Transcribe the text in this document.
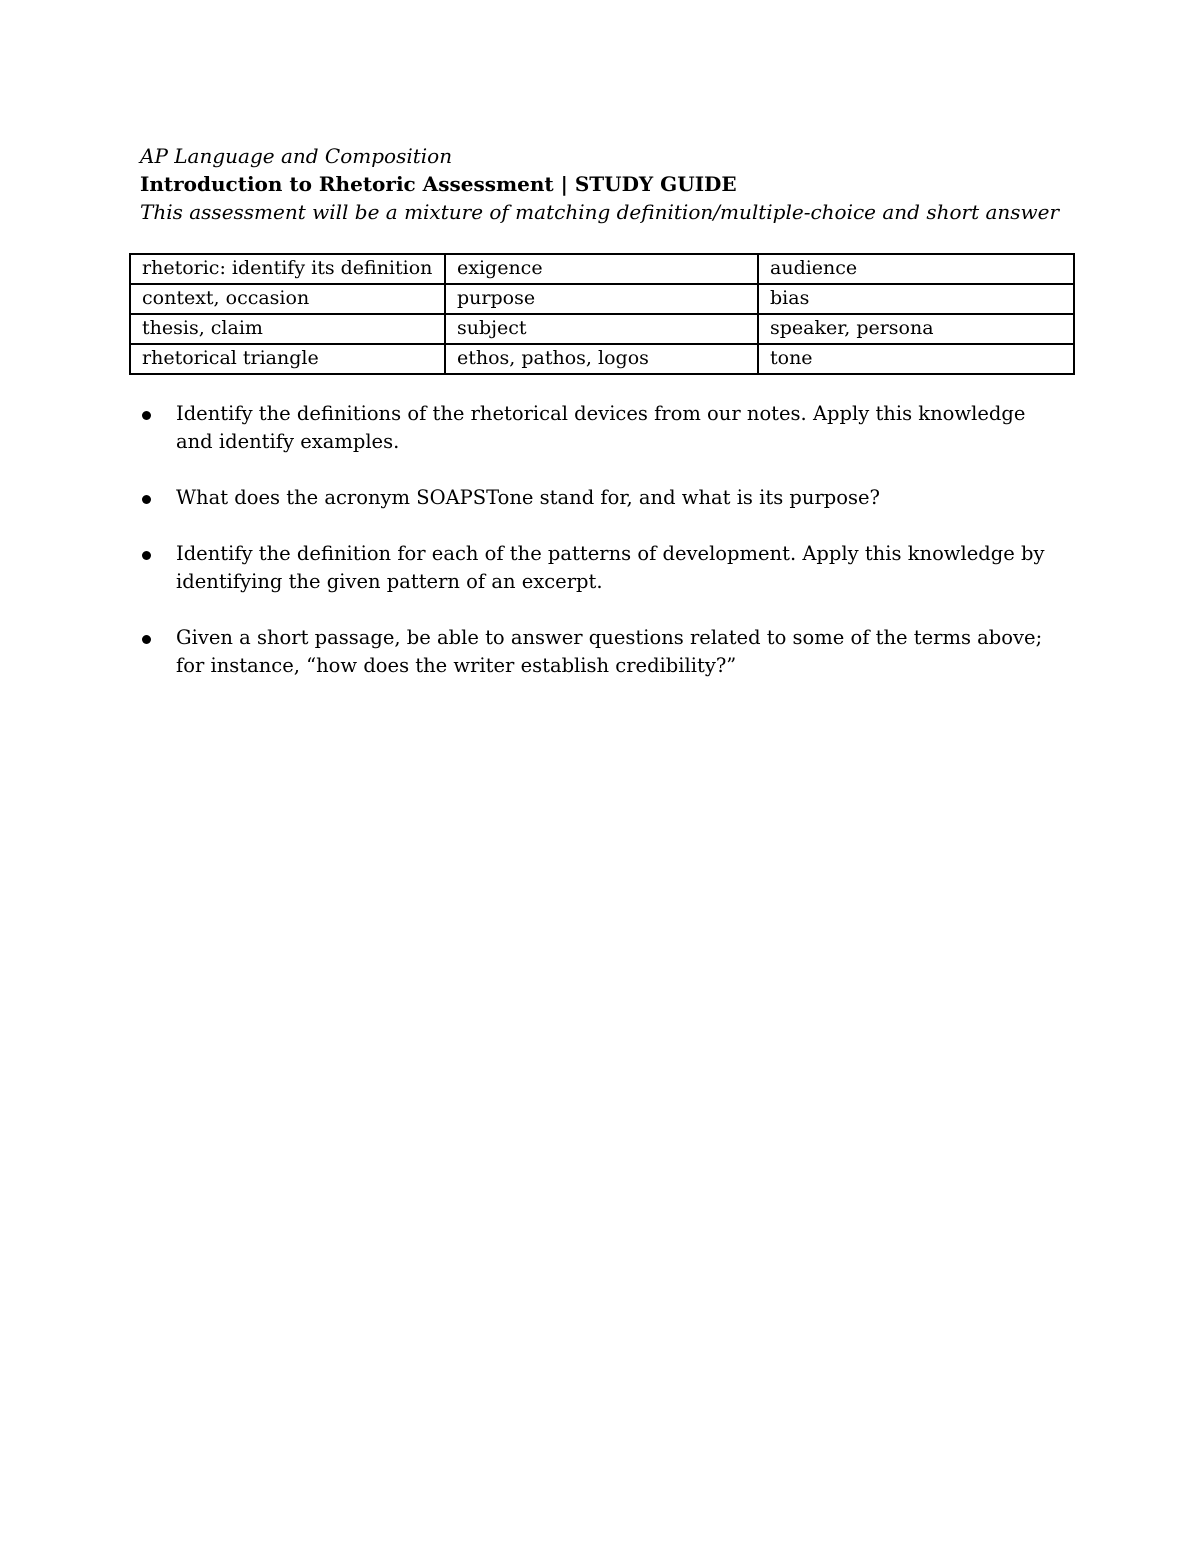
AP Language and Composition

Introduction to Rhetoric Assessment | STUDY GUIDE

This assessment will be a mixture of matching definition/multiple-choice and short answer

rhetoric: identify its definition	exigence	audience
context, occasion	purpose	bias
thesis, claim	subject	speaker, persona
rhetorical triangle	ethos, pathos, logos	tone
Identify the definitions of the rhetorical devices from our notes. Apply this knowledge and identify examples.
What does the acronym SOAPSTone stand for, and what is its purpose?
Identify the definition for each of the patterns of development. Apply this knowledge by identifying the given pattern of an excerpt.
Given a short passage, be able to answer questions related to some of the terms above; for instance, “how does the writer establish credibility?”
